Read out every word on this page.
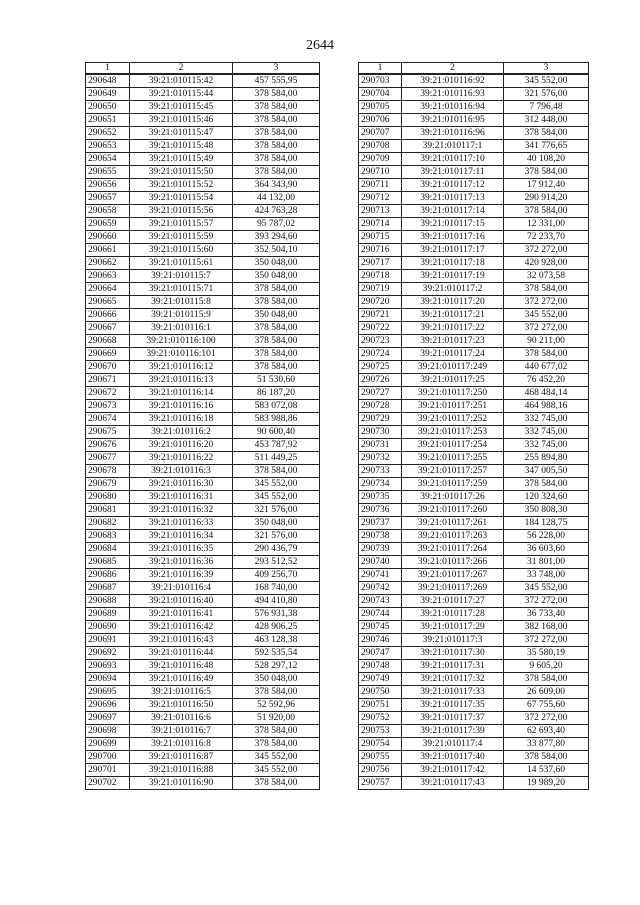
2644
1	2	3
290648	39:21:010115:42	457 555,95
290649	39:21:010115:44	378 584,00
290650	39:21:010115:45	378 584,00
290651	39:21:010115:46	378 584,00
290652	39:21:010115:47	378 584,00
290653	39:21:010115:48	378 584,00
290654	39:21:010115:49	378 584,00
290655	39:21:010115:50	378 584,00
290656	39:21:010115:52	364 343,90
290657	39:21:010115:54	44 132,00
290658	39:21:010115:56	424 763,28
290659	39:21:010115:57	95 787,02
290660	39:21:010115:59	393 294,60
290661	39:21:010115:60	352 504,10
290662	39:21:010115:61	350 048,00
290663	39:21:010115:7	350 048,00
290664	39:21:010115:71	378 584,00
290665	39:21:010115:8	378 584,00
290666	39:21:010115:9	350 048,00
290667	39:21:010116:1	378 584,00
290668	39:21:010116:100	378 584,00
290669	39:21:010116:101	378 584,00
290670	39:21:010116:12	378 584,00
290671	39:21:010116:13	51 530,60
290672	39:21:010116:14	86 187,20
290673	39:21:010116:16	583 072,08
290674	39:21:010116:18	583 988,86
290675	39:21:010116:2	90 600,40
290676	39:21:010116:20	453 787,92
290677	39:21:010116:22	511 449,25
290678	39:21:010116:3	378 584,00
290679	39:21:010116:30	345 552,00
290680	39:21:010116:31	345 552,00
290681	39:21:010116:32	321 576,00
290682	39:21:010116:33	350 048,00
290683	39:21:010116:34	321 576,00
290684	39:21:010116:35	290 436,79
290685	39:21:010116:36	293 512,52
290686	39:21:010116:39	409 256,70
290687	39:21:010116:4	168 740,00
290688	39:21:010116:40	494 410,80
290689	39:21:010116:41	576 931,38
290690	39:21:010116:42	428 906,25
290691	39:21:010116:43	463 128,38
290692	39:21:010116:44	592 535,54
290693	39:21:010116:48	528 297,12
290694	39:21:010116:49	350 048,00
290695	39:21:010116:5	378 584,00
290696	39:21:010116:50	52 592,96
290697	39:21:010116:6	51 920,00
290698	39:21:010116:7	378 584,00
290699	39:21:010116:8	378 584,00
290700	39:21:010116:87	345 552,00
290701	39:21:010116:88	345 552,00
290702	39:21:010116:90	378 584,00
1	2	3
290703	39:21:010116:92	345 552,00
290704	39:21:010116:93	321 576,00
290705	39:21:010116:94	7 796,48
290706	39:21:010116:95	312 448,00
290707	39:21:010116:96	378 584,00
290708	39:21:010117:1	341 776,65
290709	39:21:010117:10	40 108,20
290710	39:21:010117:11	378 584,00
290711	39:21:010117:12	17 912,40
290712	39:21:010117:13	290 914,20
290713	39:21:010117:14	378 584,00
290714	39:21:010117:15	12 331,00
290715	39:21:010117:16	72 233,70
290716	39:21:010117:17	372 272,00
290717	39:21:010117:18	420 928,00
290718	39:21:010117:19	32 073,58
290719	39:21:010117:2	378 584,00
290720	39:21:010117:20	372 272,00
290721	39:21:010117:21	345 552,00
290722	39:21:010117:22	372 272,00
290723	39:21:010117:23	90 211,00
290724	39:21:010117:24	378 584,00
290725	39:21:010117:249	440 677,02
290726	39:21:010117:25	76 452,20
290727	39:21:010117:250	468 484,14
290728	39:21:010117:251	464 988,16
290729	39:21:010117:252	332 745,00
290730	39:21:010117:253	332 745,00
290731	39:21:010117:254	332 745,00
290732	39:21:010117:255	255 894,80
290733	39:21:010117:257	347 005,50
290734	39:21:010117:259	378 584,00
290735	39:21:010117:26	120 324,60
290736	39:21:010117:260	350 808,30
290737	39:21:010117:261	184 128,75
290738	39:21:010117:263	56 228,00
290739	39:21:010117:264	36 603,60
290740	39:21:010117:266	31 801,00
290741	39:21:010117:267	33 748,00
290742	39:21:010117:269	345 552,00
290743	39:21:010117:27	372 272,00
290744	39:21:010117:28	36 733,40
290745	39:21:010117:29	382 168,00
290746	39:21:010117:3	372 272,00
290747	39:21:010117:30	35 580,19
290748	39:21:010117:31	9 605,20
290749	39:21:010117:32	378 584,00
290750	39:21:010117:33	26 609,00
290751	39:21:010117:35	67 755,60
290752	39:21:010117:37	372 272,00
290753	39:21:010117:39	62 693,40
290754	39:21:010117:4	33 877,80
290755	39:21:010117:40	378 584,00
290756	39:21:010117:42	14 537,60
290757	39:21:010117:43	19 989,20
